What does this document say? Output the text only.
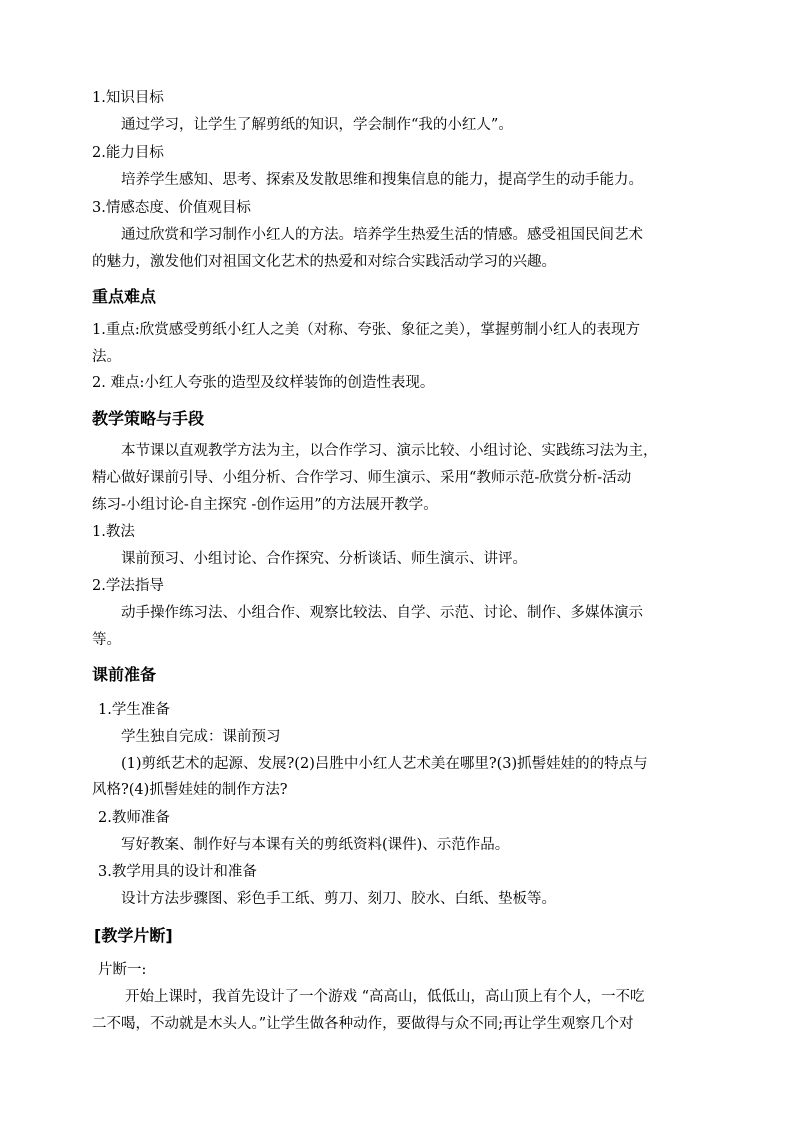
1.知识目标
通过学习，让学生了解剪纸的知识，学会制作“我的小红人”。
2.能力目标
培养学生感知、思考、探索及发散思维和搜集信息的能力，提高学生的动手能力。
3.情感态度、价值观目标
通过欣赏和学习制作小红人的方法。培养学生热爱生活的情感。感受祖国民间艺术
的魅力，激发他们对祖国文化艺术的热爱和对综合实践活动学习的兴趣。
重点难点
1.重点:欣赏感受剪纸小红人之美（对称、夸张、象征之美），掌握剪制小红人的表现方
法。
2. 难点:小红人夸张的造型及纹样装饰的创造性表现。
教学策略与手段
本节课以直观教学方法为主，以合作学习、演示比较、小组讨论、实践练习法为主，
精心做好课前引导、小组分析、合作学习、师生演示、采用“教师示范-欣赏分析-活动
练习-小组讨论-自主探究 -创作运用”的方法展开教学。
1.教法
课前预习、小组讨论、合作探究、分析谈话、师生演示、讲评。
2.学法指导
动手操作练习法、小组合作、观察比较法、自学、示范、讨论、制作、多媒体演示
等。
课前准备
1.学生准备
学生独自完成：课前预习
(1)剪纸艺术的起源、发展?(2)吕胜中小红人艺术美在哪里?(3)抓髻娃娃的的特点与
风格?(4)抓髻娃娃的制作方法?
2.教师准备
写好教案、制作好与本课有关的剪纸资料(课件)、示范作品。
3.教学用具的设计和准备
设计方法步骤图、彩色手工纸、剪刀、刻刀、胶水、白纸、垫板等。
[教学片断]
片断一:
开始上课时，我首先设计了一个游戏 “高高山，低低山，高山顶上有个人，一不吃
二不喝，不动就是木头人。”让学生做各种动作，要做得与众不同;再让学生观察几个对
